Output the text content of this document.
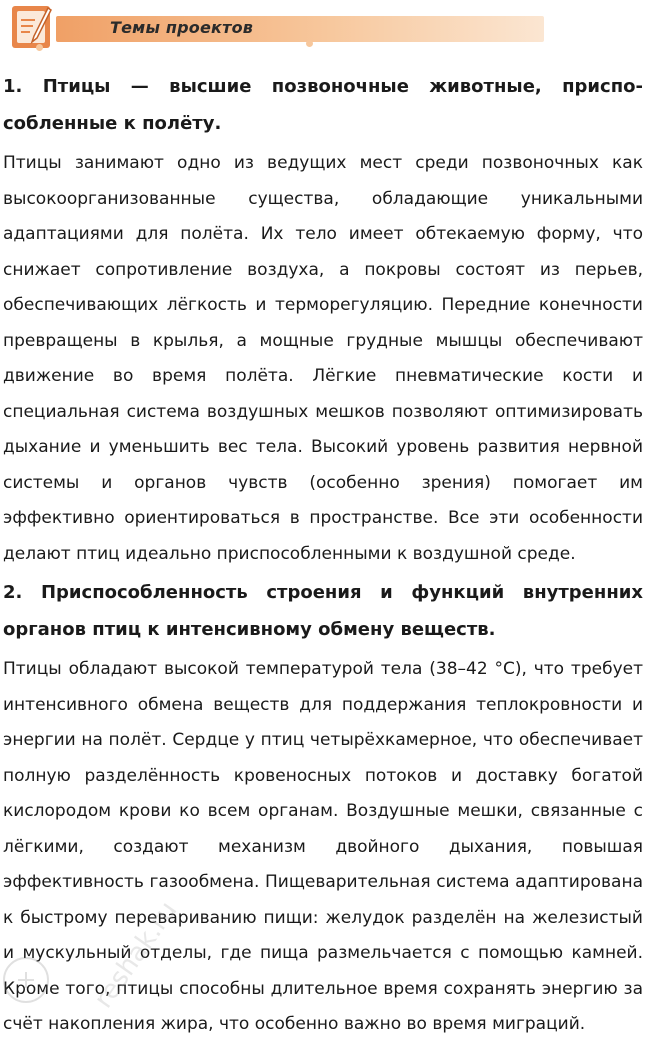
Темы проектов

1. Птицы — высшие позвоночные животные, приспособленные к полёту.

Птицы занимают одно из ведущих мест среди позвоночных как высокоорганизованные существа, обладающие уникальными адаптациями для полёта. Их тело имеет обтекаемую форму, что снижает сопротивление воздуха, а покровы состоят из перьев, обеспечивающих лёгкость и терморегуляцию. Передние конечности превращены в крылья, а мощные грудные мышцы обеспечивают движение во время полёта. Лёгкие пневматические кости и специальная система воздушных мешков позволяют оптимизировать дыхание и уменьшить вес тела. Высокий уровень развития нервной системы и органов чувств (особенно зрения) помогает им эффективно ориентироваться в пространстве. Все эти особенности делают птиц идеально приспособленными к воздушной среде.

2. Приспособленность строения и функций внутренних органов птиц к интенсивному обмену веществ.

Птицы обладают высокой температурой тела (38–42 °C), что требует интенсивного обмена веществ для поддержания теплокровности и энергии на полёт. Сердце у птиц четырёхкамерное, что обеспечивает полную разделённость кровеносных потоков и доставку богатой кислородом крови ко всем органам. Воздушные мешки, связанные с лёгкими, создают механизм двойного дыхания, повышая эффективность газообмена. Пищеварительная система адаптирована к быстрому перевариванию пищи: желудок разделён на железистый и мускульный отделы, где пища размельчается с помощью камней. Кроме того, птицы способны длительное время сохранять энергию за счёт накопления жира, что особенно важно во время миграций.

reshak.ru
